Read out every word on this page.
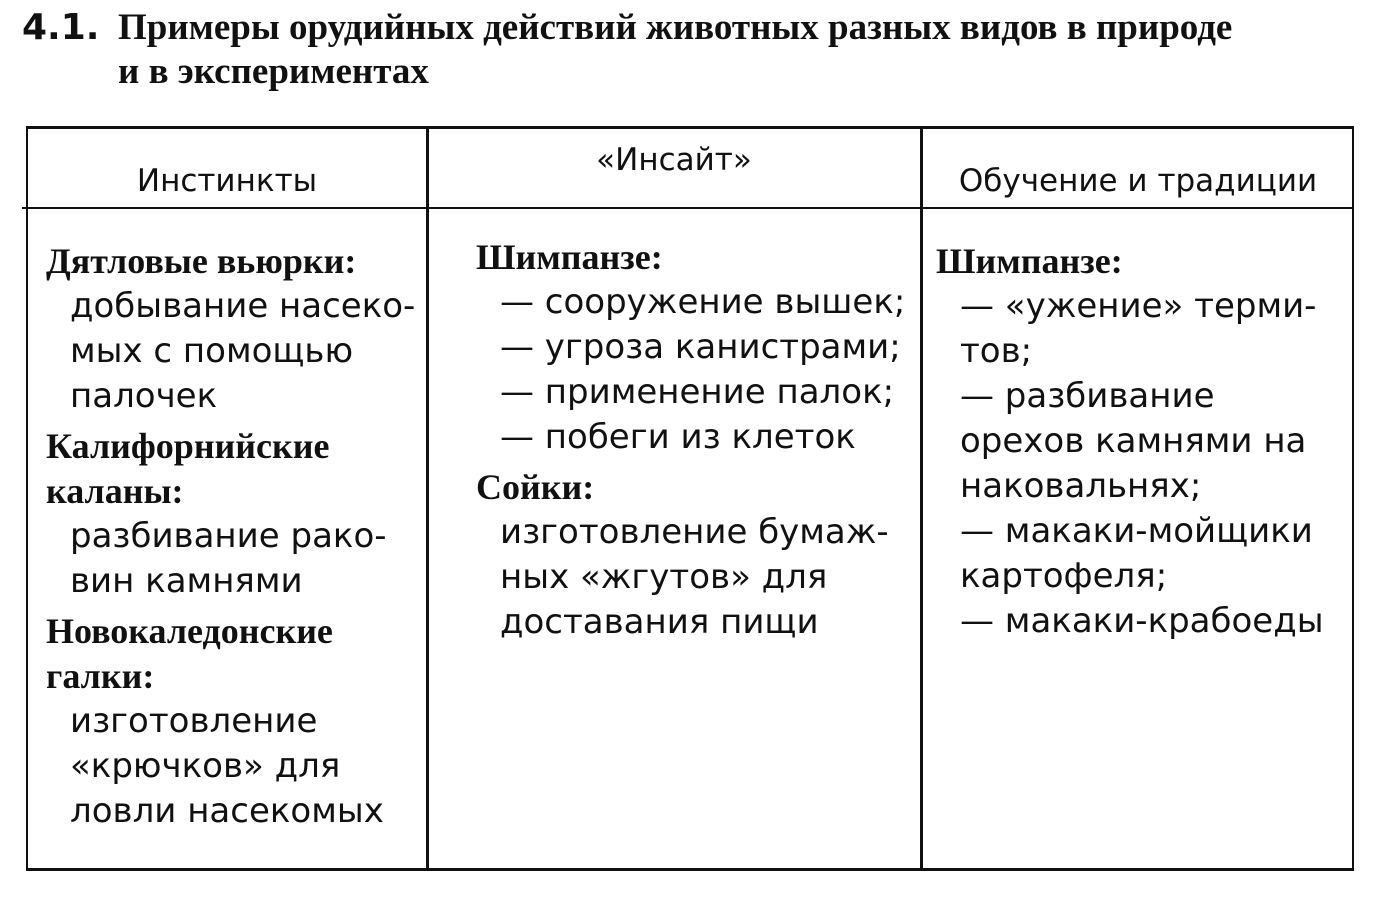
4.1. Примеры орудийных действий животных разных видов в природе
и в экспериментах
Инстинкты
«Инсайт»
Обучение и традиции
Дятловые вьюрки:
добывание насеко-
мых с помощью
палочек
Калифорнийские
каланы:
разбивание рако-
вин камнями
Новокаледонские
галки:
изготовление
«крючков» для
ловли насекомых
Шимпанзе:
— сооружение вышек;
— угроза канистрами;
— применение палок;
— побеги из клеток
Сойки:
изготовление бумаж-
ных «жгутов» для
доставания пищи
Шимпанзе:
— «ужение» терми-
тов;
— разбивание
орехов камнями на
наковальнях;
— макаки-мойщики
картофеля;
— макаки-крабоеды
